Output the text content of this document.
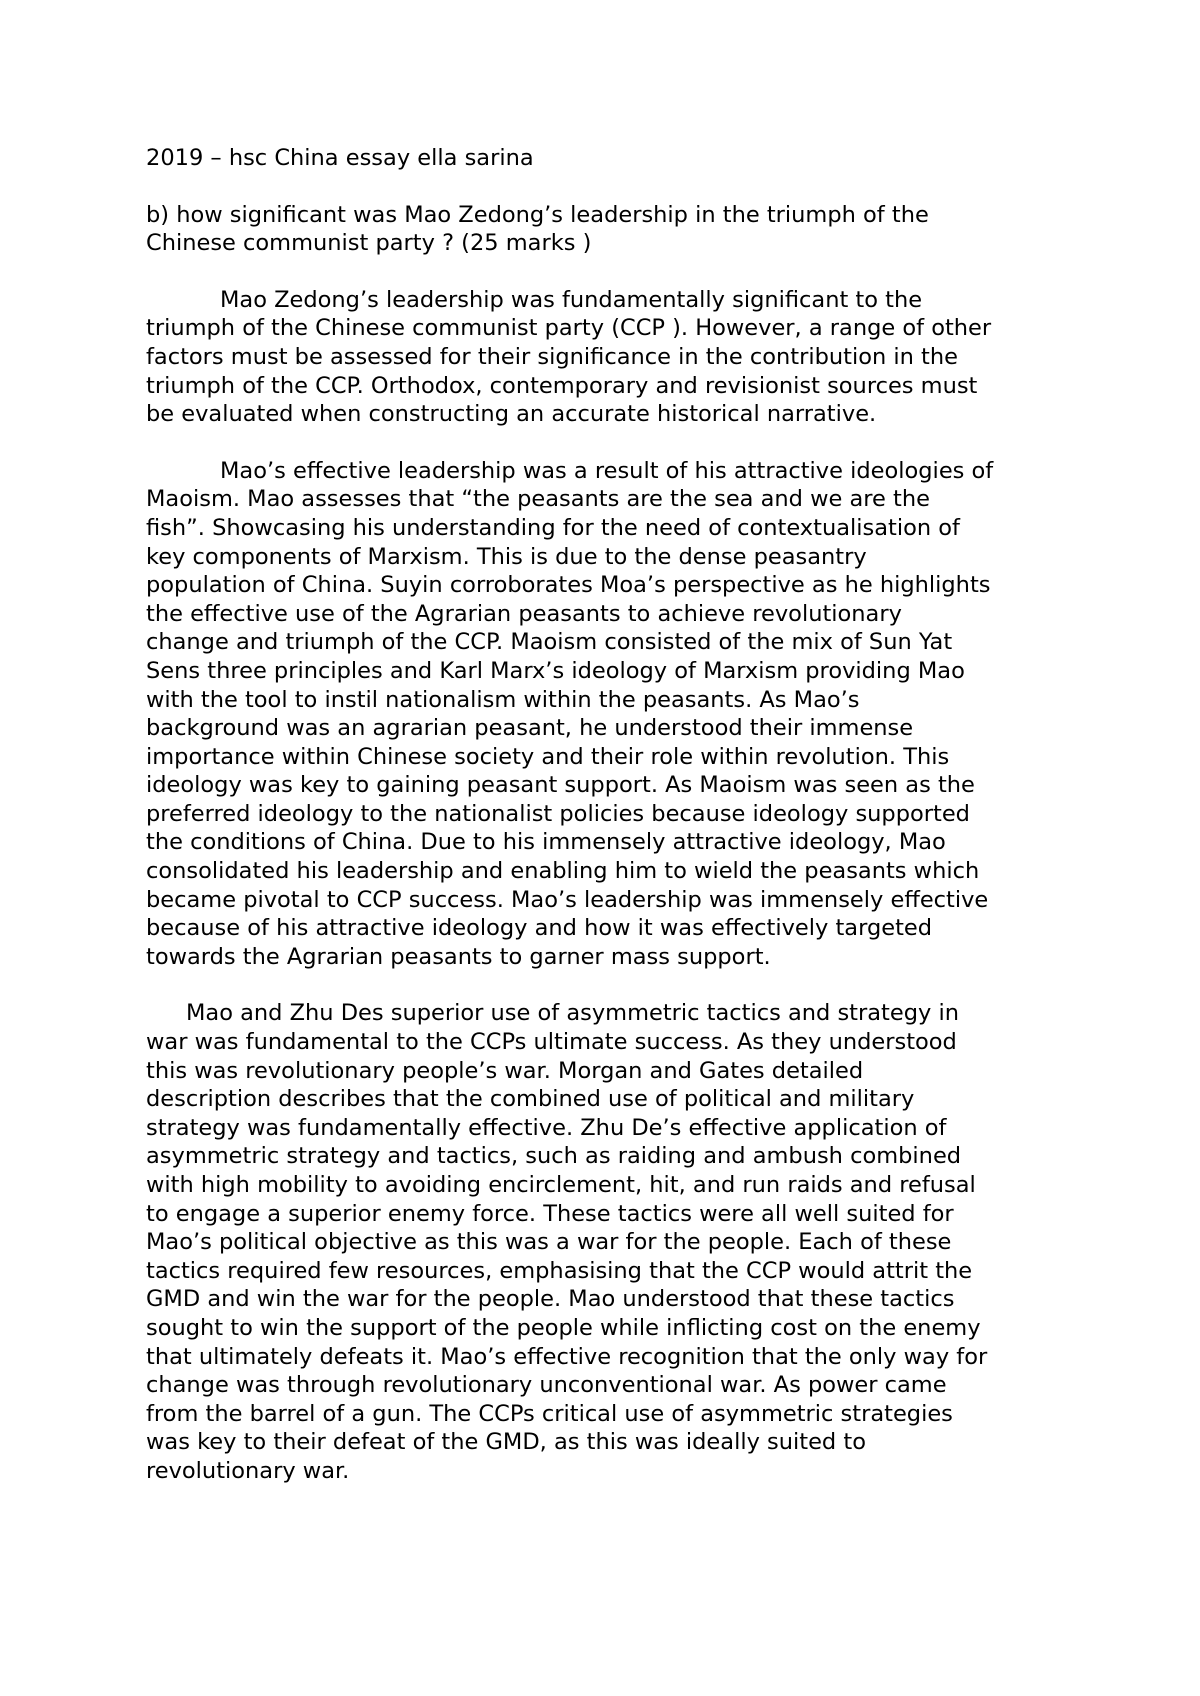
2019 – hsc China essay ella sarina
b) how significant was Mao Zedong’s leadership in the triumph of the
Chinese communist party ? (25 marks )
Mao Zedong’s leadership was fundamentally significant to the
triumph of the Chinese communist party (CCP ). However, a range of other
factors must be assessed for their significance in the contribution in the
triumph of the CCP. Orthodox, contemporary and revisionist sources must
be evaluated when constructing an accurate historical narrative.
Mao’s effective leadership was a result of his attractive ideologies of
Maoism. Mao assesses that “the peasants are the sea and we are the
fish”. Showcasing his understanding for the need of contextualisation of
key components of Marxism. This is due to the dense peasantry
population of China. Suyin corroborates Moa’s perspective as he highlights
the effective use of the Agrarian peasants to achieve revolutionary
change and triumph of the CCP. Maoism consisted of the mix of Sun Yat
Sens three principles and Karl Marx’s ideology of Marxism providing Mao
with the tool to instil nationalism within the peasants. As Mao’s
background was an agrarian peasant, he understood their immense
importance within Chinese society and their role within revolution. This
ideology was key to gaining peasant support. As Maoism was seen as the
preferred ideology to the nationalist policies because ideology supported
the conditions of China. Due to his immensely attractive ideology, Mao
consolidated his leadership and enabling him to wield the peasants which
became pivotal to CCP success. Mao’s leadership was immensely effective
because of his attractive ideology and how it was effectively targeted
towards the Agrarian peasants to garner mass support.
Mao and Zhu Des superior use of asymmetric tactics and strategy in
war was fundamental to the CCPs ultimate success. As they understood
this was revolutionary people’s war. Morgan and Gates detailed
description describes that the combined use of political and military
strategy was fundamentally effective. Zhu De’s effective application of
asymmetric strategy and tactics, such as raiding and ambush combined
with high mobility to avoiding encirclement, hit, and run raids and refusal
to engage a superior enemy force. These tactics were all well suited for
Mao’s political objective as this was a war for the people. Each of these
tactics required few resources, emphasising that the CCP would attrit the
GMD and win the war for the people. Mao understood that these tactics
sought to win the support of the people while inflicting cost on the enemy
that ultimately defeats it. Mao’s effective recognition that the only way for
change was through revolutionary unconventional war. As power came
from the barrel of a gun. The CCPs critical use of asymmetric strategies
was key to their defeat of the GMD, as this was ideally suited to
revolutionary war.
